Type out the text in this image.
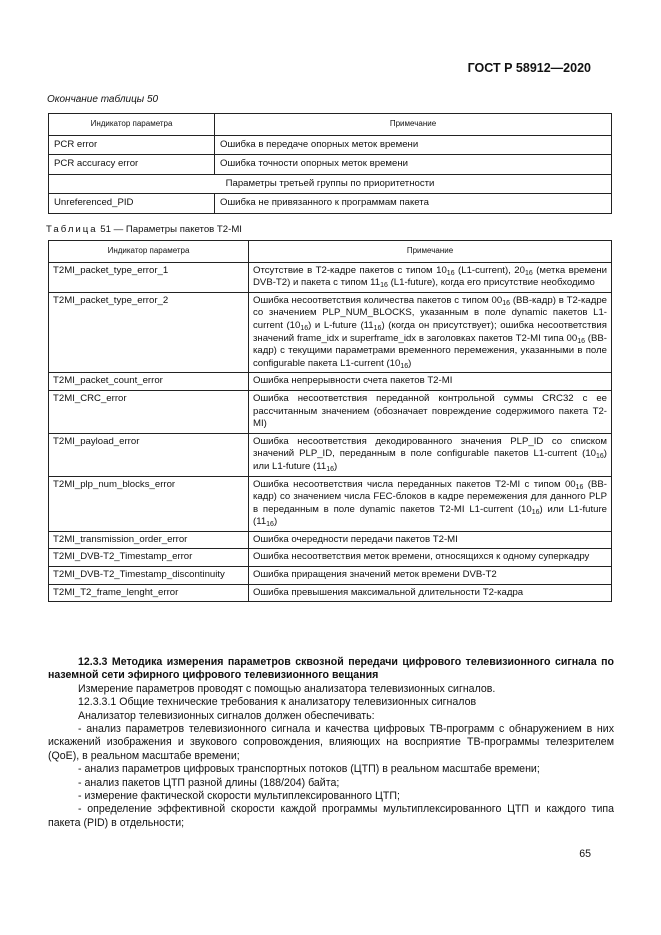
ГОСТ Р 58912—2020
Окончание таблицы 50
Индикатор параметра	Примечание
PCR error	Ошибка в передаче опорных меток времени
PCR accuracy error	Ошибка точности опорных меток времени
Параметры третьей группы по приоритетности	
Unreferenced_PID	Ошибка не привязанного к программам пакета
Таблица 51 — Параметры пакетов T2-MI
Индикатор параметра	Примечание
T2MI_packet_type_error_1	Отсутствие в T2-кадре пакетов с типом $10_{16}$ (L1-current), $20_{16}$ (метка времени DVB-T2) и пакета с типом $11_{16}$ (L1-future), когда его присутствие необходимо
T2MI_packet_type_error_2	Ошибка несоответствия количества пакетов с типом $00_{16}$ (BB-кадр) в T2-кадре со значением PLP_NUM_BLOCKS, указанным в поле dynamic пакетов L1-current $(10_{16})$ и L-future $(11_{16})$ (когда он присутствует); ошибка несоответствия значений frame_idx и superframe_idx в заголовках пакетов T2-MI типа $00_{16}$ (BB-кадр) с текущими параметрами временного перемежения, указанными в поле configurable пакета L1-current $(10_{16})$
T2MI_packet_count_error	Ошибка непрерывности счета пакетов T2-MI
T2MI_CRC_error	Ошибка несоответствия переданной контрольной суммы CRC32 с ее рассчитанным значением (обозначает повреждение содержимого пакета T2-MI)
T2MI_payload_error	Ошибка несоответствия декодированного значения PLP_ID со списком значений PLP_ID, переданным в поле configurable пакетов L1-current $(10_{16})$ или L1-future $(11_{16})$
T2MI_plp_num_blocks_error	Ошибка несоответствия числа переданных пакетов T2-MI с типом $00_{16}$ (BB-кадр) со значением числа FEC-блоков в кадре перемежения для данного PLP в переданным в поле dynamic пакетов T2-MI L1-current $(10_{16})$ или L1-future $(11_{16})$
T2MI_transmission_order_error	Ошибка очередности передачи пакетов T2-MI
T2MI_DVB-T2_Timestamp_error	Ошибка несоответствия меток времени, относящихся к одному суперкадру
T2MI_DVB-T2_Timestamp_discontinuity	Ошибка приращения значений меток времени DVB-T2
T2MI_T2_frame_lenght_error	Ошибка превышения максимальной длительности T2-кадра

12.3.3 Методика измерения параметров сквозной передачи цифрового телевизионного сигнала по наземной сети эфирного цифрового телевизионного вещания

Измерение параметров проводят с помощью анализатора телевизионных сигналов.

12.3.3.1 Общие технические требования к анализатору телевизионных сигналов

Анализатор телевизионных сигналов должен обеспечивать:

- анализ параметров телевизионного сигнала и качества цифровых ТВ-программ с обнаружением в них искажений изображения и звукового сопровождения, влияющих на восприятие ТВ-программы телезрителем (QoE), в реальном масштабе времени;

- анализ параметров цифровых транспортных потоков (ЦТП) в реальном масштабе времени;

- анализ пакетов ЦТП разной длины (188/204) байта;

- измерение фактической скорости мультиплексированного ЦТП;

- определение эффективной скорости каждой программы мультиплексированного ЦТП и каждого типа пакета (PID) в отдельности;

65
